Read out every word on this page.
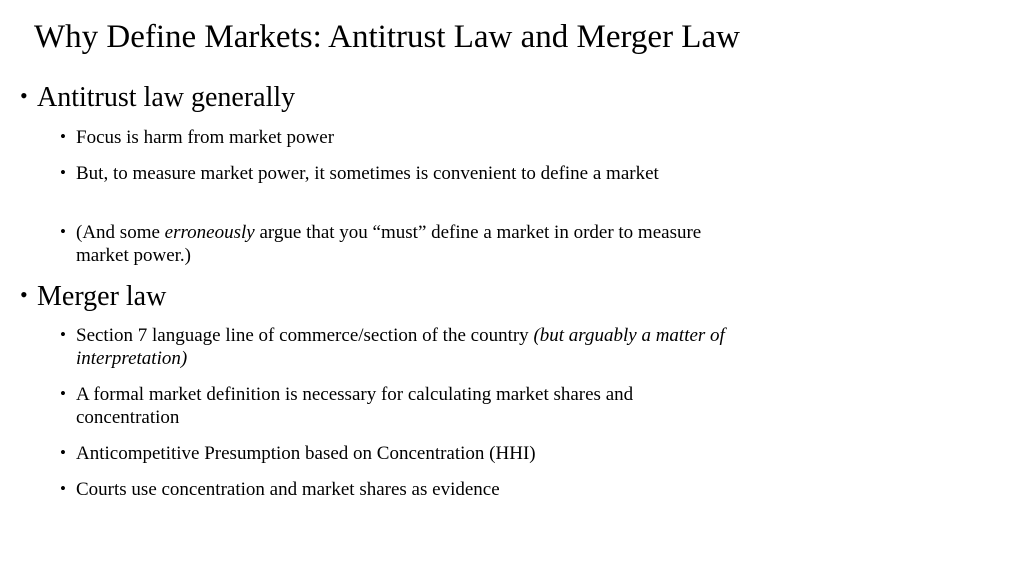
Why Define Markets: Antitrust Law and Merger Law
• Antitrust law generally
• Focus is harm from market power
• But, to measure market power, it sometimes is convenient to define a market
• (And some erroneously argue that you “must” define a market in order to measure market power.)
• Merger law
• Section 7 language line of commerce/section of the country (but arguably a matter of interpretation)
• A formal market definition is necessary for calculating market shares and concentration
• Anticompetitive Presumption based on Concentration (HHI)
• Courts use concentration and market shares as evidence
